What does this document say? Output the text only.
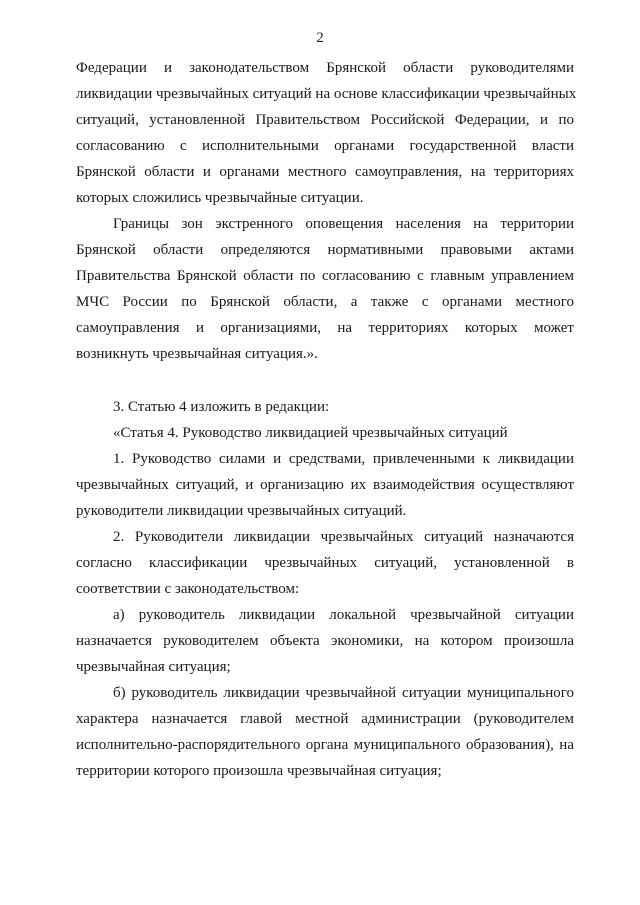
2
Федерации и законодательством Брянской области руководителями
ликвидации чрезвычайных ситуаций на основе классификации чрезвычайных
ситуаций, установленной Правительством Российской Федерации, и по
согласованию с исполнительными органами государственной власти
Брянской области и органами местного самоуправления, на территориях
которых сложились чрезвычайные ситуации.
Границы зон экстренного оповещения населения на территории
Брянской области определяются нормативными правовыми актами
Правительства Брянской области по согласованию с главным управлением
МЧС России по Брянской области, а также с органами местного
самоуправления и организациями, на территориях которых может
возникнуть чрезвычайная ситуация.».
3. Статью 4 изложить в редакции:
«Статья 4. Руководство ликвидацией чрезвычайных ситуаций
1. Руководство силами и средствами, привлеченными к ликвидации
чрезвычайных ситуаций, и организацию их взаимодействия осуществляют
руководители ликвидации чрезвычайных ситуаций.
2. Руководители ликвидации чрезвычайных ситуаций назначаются
согласно классификации чрезвычайных ситуаций, установленной в
соответствии с законодательством:
а) руководитель ликвидации локальной чрезвычайной ситуации
назначается руководителем объекта экономики, на котором произошла
чрезвычайная ситуация;
б) руководитель ликвидации чрезвычайной ситуации муниципального
характера назначается главой местной администрации (руководителем
исполнительно-распорядительного органа муниципального образования), на
территории которого произошла чрезвычайная ситуация;
